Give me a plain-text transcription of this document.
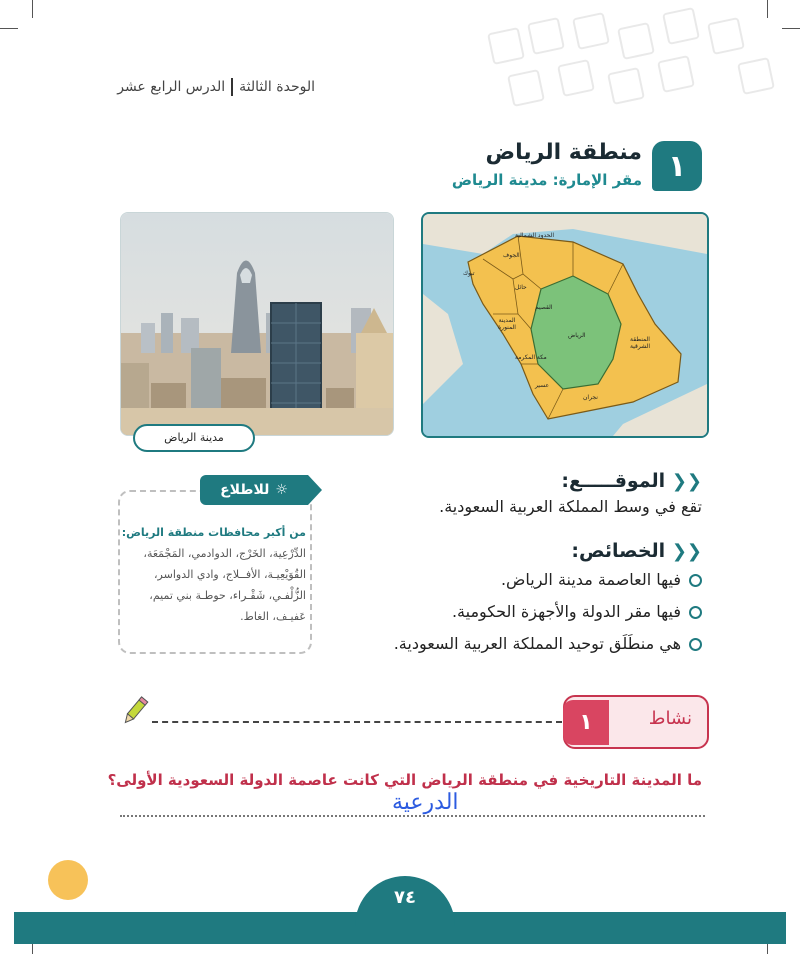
الوحدة الثالثةالدرس الرابع عشر
١
منطقة الرياض
مقر الإمارة: مدينة الرياض
مدينة الرياض
الحدود الشمالية
الجوف
تبوك
حائل
القصيم
المدينة المنورة
الرياض
المنطقة الشرقية
مكة المكرمة
عسير
نجران
☼
للاطلاع
من أكبر محافظات منطقة الرياض:
الدِّرْعِية، الخَرْج، الدوادمي، المَجْمَعَة،
القُوَيْعِيـة، الأفــلاج، وادي الدواسر،
الزُّلْفـي، شَقْـراء، حوطـة بني تميم،
عَفيـف، الغاط.
❮❮ الموقـــــع:
تقع في وسط المملكة العربية السعودية.
❮❮ الخصائص:
فيها العاصمة مدينة الرياض.
فيها مقر الدولة والأجهزة الحكومية.
هي منطَلَق توحيد المملكة العربية السعودية.
نشاط
١
ما المدينة التاريخية في منطقة الرياض التي كانت عاصمة الدولة السعودية الأولى؟
الدرعية
٧٤
